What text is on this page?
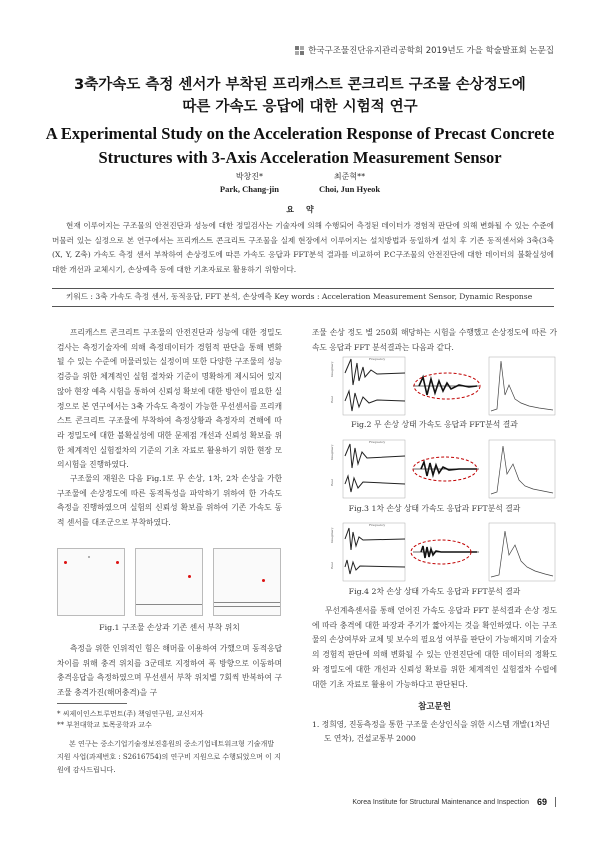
한국구조물진단유지관리공학회 2019년도 가을 학술발표회 논문집
3축가속도 측정 센서가 부착된 프리캐스트 콘크리트 구조물 손상정도에
따른 가속도 응답에 대한 시험적 연구
A Experimental Study on the Acceleration Response of Precast Concrete
Structures with 3-Axis Acceleration Measurement Sensor
박창진*
Park, Chang-jin
최준혁**
Choi, Jun Hyeok
요약
현재 이루어지는 구조물의 안전진단과 성능에 대한 정밀검사는 기술자에 의해 수행되어 측정된 데이터가 경험적 판단에 의해 변화될 수 있는 수준에 머물러 있는 실정으로 본 연구에서는 프리캐스트 콘크리트 구조물을 실제 현장에서 이루어지는 설치방법과 동일하게 설치 후 기존 동적센서와 3축(3축(X, Y, Z축) 가속도 측정 센서 부착하여 손상정도에 따른 가속도 응답과 FFT분석 결과를 비교하여 P.C구조물의 안전진단에 대한 데이터의 불확실성에 대한 개선과 교체시기, 손상예측 등에 대한 기초자료로 활용하기 위함이다.
키워드 : 3축 가속도 측정 센서, 동적응답, FFT 분석, 손상예측 Key words : Acceleration Measurement Sensor, Dynamic Response

프리캐스트 콘크리트 구조물의 안전진단과 성능에 대한 정밀도 검사는 측정기술자에 의해 측정데이터가 경험적 판단을 통해 변화될 수 있는 수준에 머물러있는 실정이며 또한 다양한 구조물의 성능 검증을 위한 체계적인 실험 절차와 기준이 명확하게 제시되어 있지 않아 현장 예측 시험을 통하여 신뢰성 확보에 대한 방안이 필요한 실정으로 본 연구에서는 3축 가속도 측정이 가능한 무선센서를 프리캐스트 콘크리트 구조물에 부착하여 측정상황과 측정자의 견해에 따라 정밀도에 대한 불확실성에 대한 문제점 개선과 신뢰성 확보를 위한 체계적인 실험절차의 기준의 기초 자료로 활용하기 위한 현장 모의시험을 진행하였다.

구조물의 재원은 다음 Fig.1로 무 손상, 1차, 2차 손상을 가한 구조물에 손상정도에 따른 동적특성을 파악하기 위하여 한 가속도 측정을 진행하였으며 실험의 신뢰성 확보를 위하여 기존 가속도 동적 센서를 대조군으로 부착하였다.

Fig.1 구조물 손상과 기존 센서 부착 위치

측정을 위한 인위적인 힘은 해머를 이용하여 가했으며 동적응답 차이를 위해 충격 위치를 3군데로 지정하여 폭 방향으로 이동하며 충격응답을 측정하였으며 무선센서 부착 위치별 7회씩 반복하여 구조물 충격가진(해머충격)을 구

* 씨제이인스트루먼트(주) 책임연구원, 교신저자
** 부천대학교 토목공학과 교수
본 연구는 중소기업기술정보진흥원의 중소기업네트워크형 기술개발 지원 사업(과제번호 : S2616754)의 연구비 지원으로 수행되었으며 이 지원에 감사드립니다.

조물 손상 정도 별 250회 해당하는 시험을 수행했고 손상정도에 따른 가속도 응답과 FFT 분석결과는 다음과 같다.

Frequency
Imaginary
Real
Fig.2 무 손상 상태 가속도 응답과 FFT분석 결과
Frequency
Imaginary
Real
Fig.3 1차 손상 상태 가속도 응답과 FFT분석 결과
Frequency
Imaginary
Real
Fig.4 2차 손상 상태 가속도 응답과 FFT분석 결과

무선계측센서를 통해 얻어진 가속도 응답과 FFT 분석결과 손상 정도에 따라 충격에 대한 파장과 주기가 짧아지는 것을 확인하였다. 이는 구조물의 손상여부와 교체 및 보수의 필요성 여부를 판단이 가능해지며 기술자의 경험적 판단에 의해 변화될 수 있는 안전진단에 대한 데이터의 정확도와 정밀도에 대한 개선과 신뢰성 확보를 위한 체계적인 실험절차 수립에 대한 기초 자료로 활용이 가능하다고 판단된다.

참고문헌
1. 정희영, 진동측정을 통한 구조물 손상인식을 위한 시스템 개발(1차년도 연차), 건설교통부 2000
Korea Institute for Structural Maintenance and Inspection 69
